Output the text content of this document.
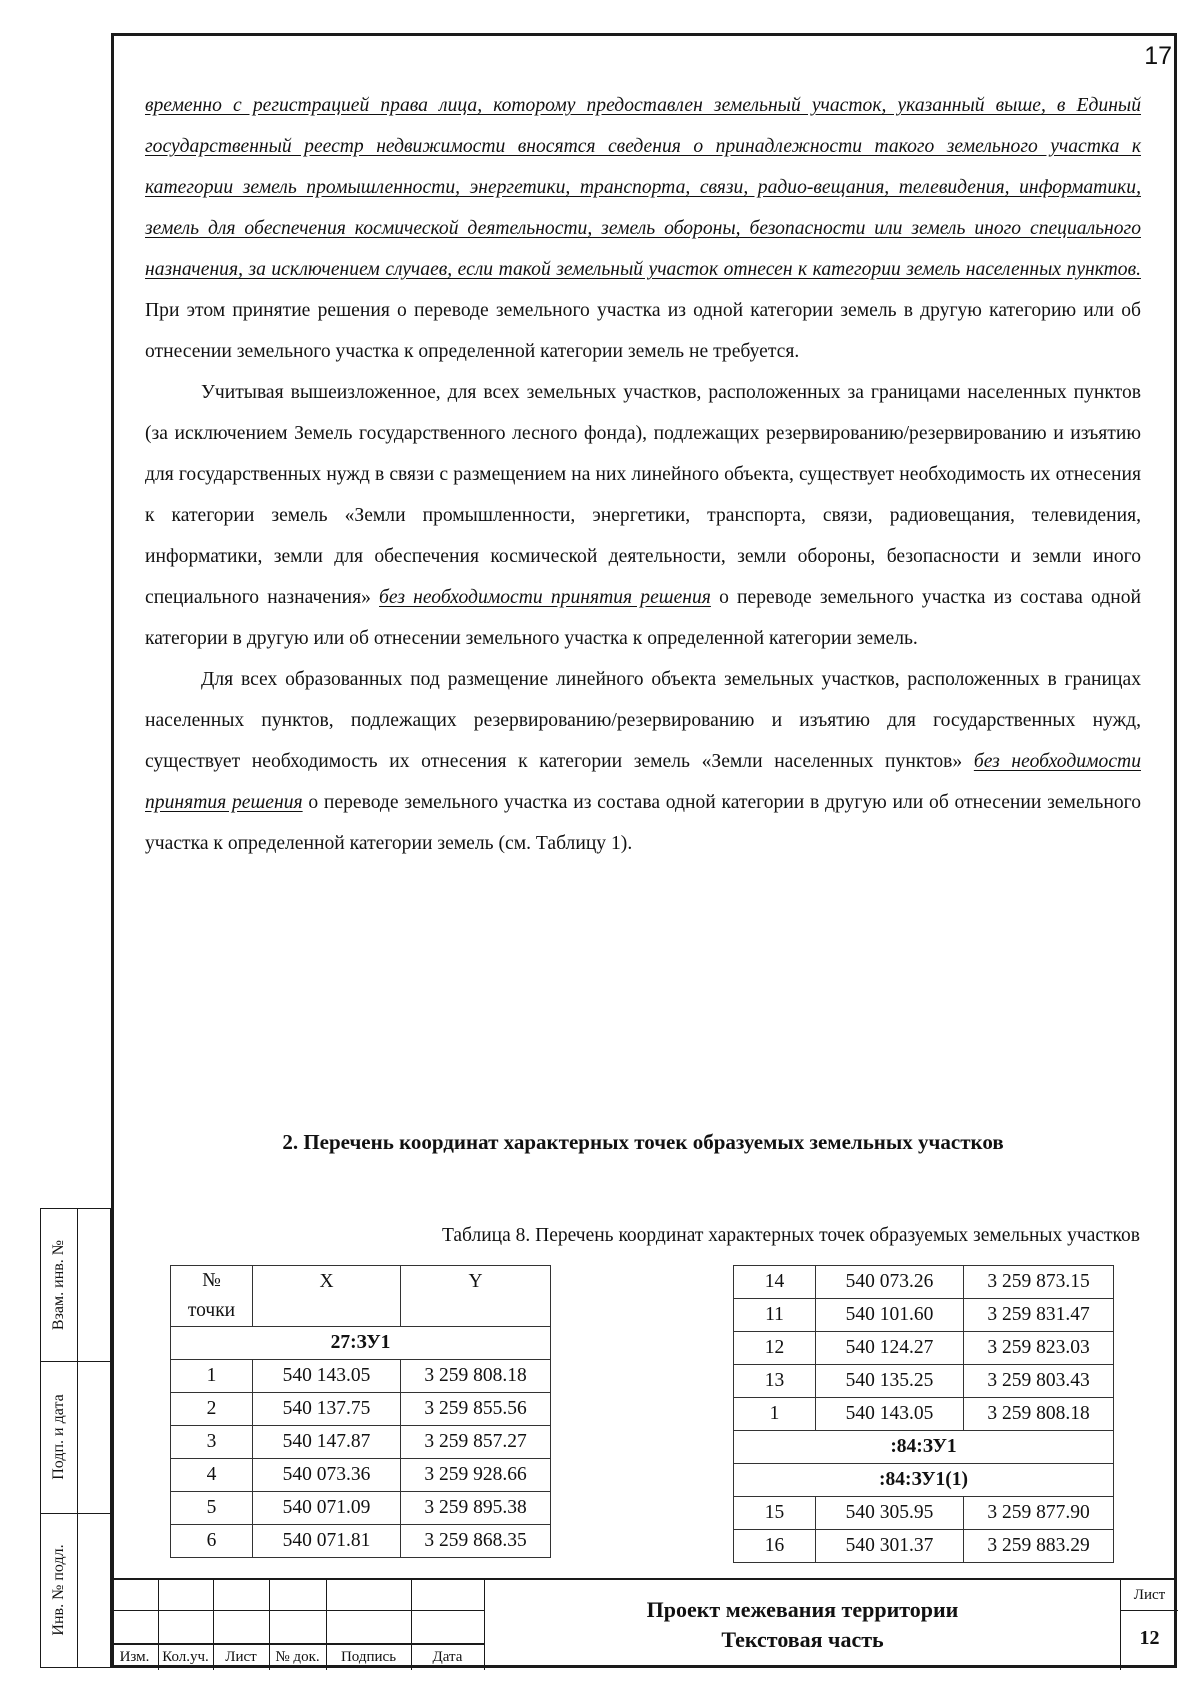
17

временно с регистрацией права лица, которому предоставлен земельный участок, указанный выше, в Единый государственный реестр недвижимости вносятся сведения о принадлежности такого земельного участка к категории земель промышленности, энергетики, транспорта, связи, радио-вещания, телевидения, информатики, земель для обеспечения космической деятельности, земель обороны, безопасности или земель иного специального назначения, за исключением случаев, если такой земельный участок отнесен к категории земель населенных пунктов. При этом принятие решения о переводе земельного участка из одной категории земель в другую категорию или об отнесении земельного участка к определенной категории земель не требуется.

Учитывая вышеизложенное, для всех земельных участков, расположенных за границами населенных пунктов (за исключением Земель государственного лесного фонда), подлежащих резервированию/резервированию и изъятию для государственных нужд в связи с размещением на них линейного объекта, существует необходимость их отнесения к категории земель «Земли промышленности, энергетики, транспорта, связи, радиовещания, телевидения, информатики, земли для обеспечения космической деятельности, земли обороны, безопасности и земли иного специального назначения» без необходимости принятия решения о переводе земельного участка из состава одной категории в другую или об отнесении земельного участка к определенной категории земель.

Для всех образованных под размещение линейного объекта земельных участков, расположенных в границах населенных пунктов, подлежащих резервированию/резервированию и изъятию для государственных нужд, существует необходимость их отнесения к категории земель «Земли населенных пунктов» без необходимости принятия решения о переводе земельного участка из состава одной категории в другую или об отнесении земельного участка к определенной категории земель (см. Таблицу 1).

2. Перечень координат характерных точек образуемых земельных участков
Таблица 8. Перечень координат характерных точек образуемых земельных участков
№
точки	X	Y
27:ЗУ1		
1	540 143.05	3 259 808.18
2	540 137.75	3 259 855.56
3	540 147.87	3 259 857.27
4	540 073.36	3 259 928.66
5	540 071.09	3 259 895.38
6	540 071.81	3 259 868.35
14	540 073.26	3 259 873.15
11	540 101.60	3 259 831.47
12	540 124.27	3 259 823.03
13	540 135.25	3 259 803.43
1	540 143.05	3 259 808.18
:84:ЗУ1		
:84:ЗУ1(1)		
15	540 305.95	3 259 877.90
16	540 301.37	3 259 883.29
Взам. инв. №
Подп. и дата
Инв. № подл.
Изм. Кол.уч.	Лист	№ док.	Подпись	Дата
Проект межевания территории
Текстовая часть
Лист
12
